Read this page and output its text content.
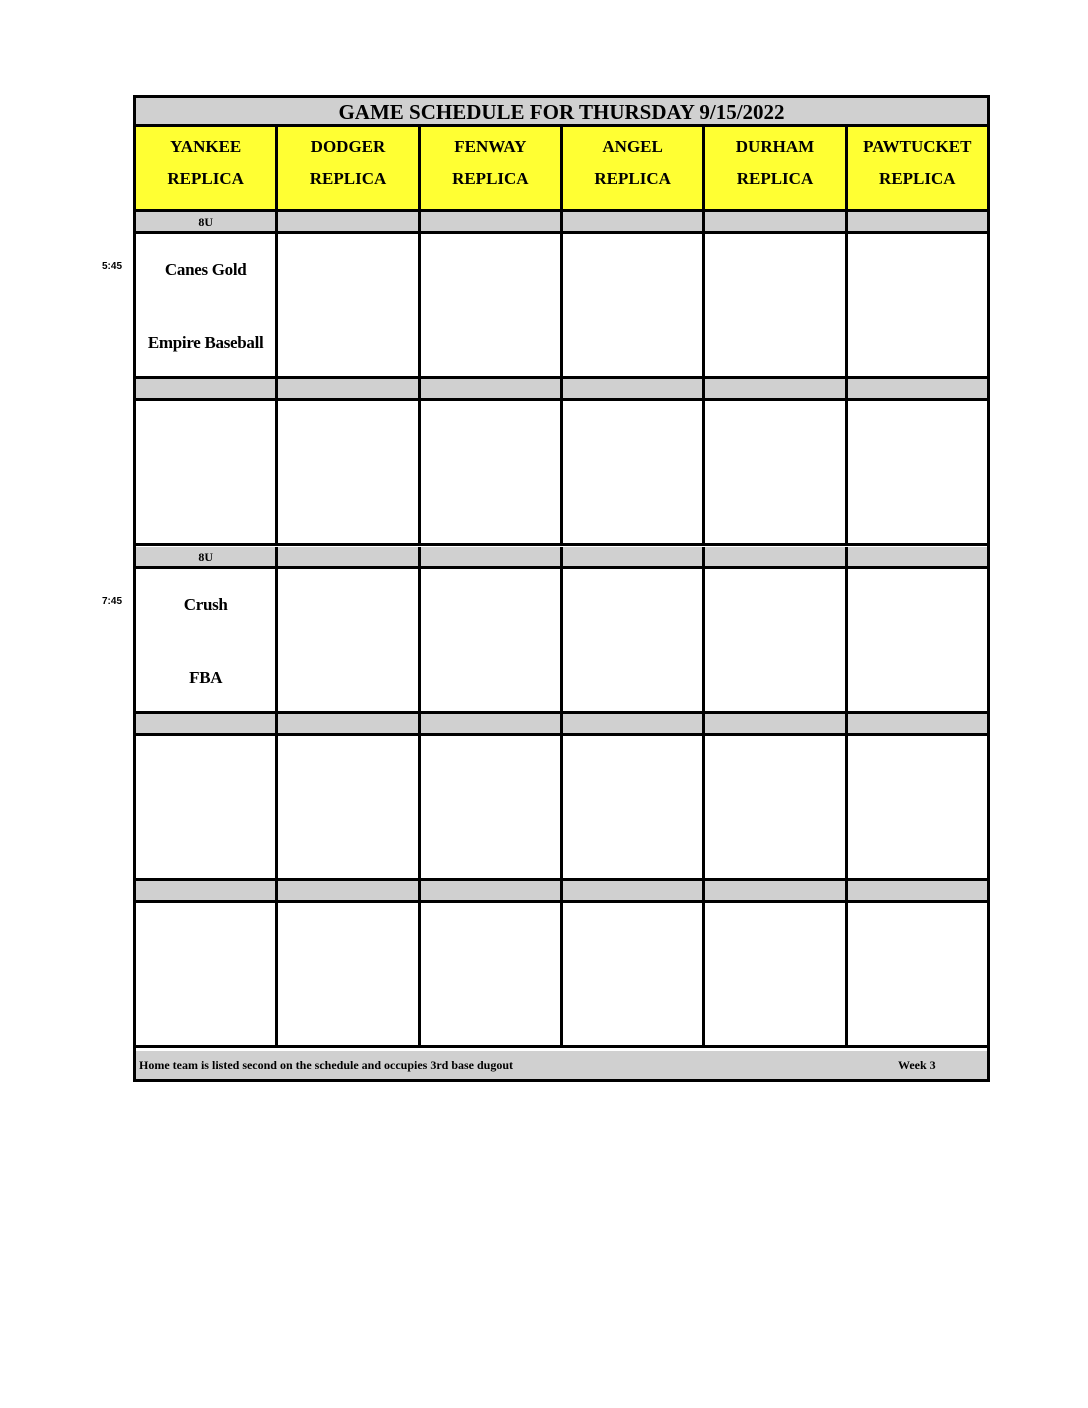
GAME SCHEDULE FOR THURSDAY 9/15/2022
YANKEE
REPLICA
DODGER
REPLICA
FENWAY
REPLICA
ANGEL
REPLICA
DURHAM
REPLICA
PAWTUCKET
REPLICA
8U
Canes Gold
Empire Baseball
8U
Crush
FBA
Home team is listed second on the schedule and occupies 3rd base dugout	Week 3
5:45
7:45
